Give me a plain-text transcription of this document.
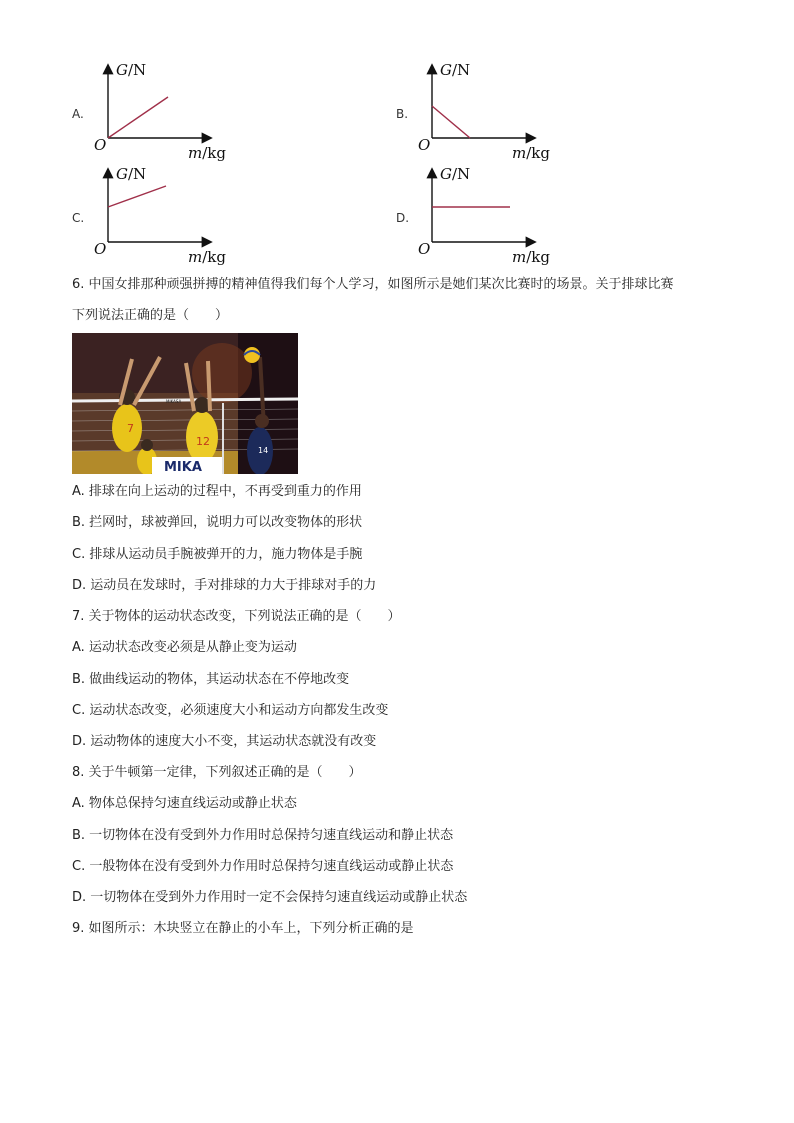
A.
G/N
O	m/kg
B.
G/N
O	m/kg
C.
G/N
O	m/kg
D.
G/N
O	m/kg
6. 中国女排那种顽强拼搏的精神值得我们每个人学习，如图所示是她们某次比赛时的场景。关于排球比赛
下列说法正确的是（　　）
MIKASA
7
12
14
MIKA
A. 排球在向上运动的过程中，不再受到重力的作用
B. 拦网时，球被弹回，说明力可以改变物体的形状
C. 排球从运动员手腕被弹开的力，施力物体是手腕
D. 运动员在发球时，手对排球的力大于排球对手的力
7. 关于物体的运动状态改变，下列说法正确的是（　　）
A. 运动状态改变必须是从静止变为运动
B. 做曲线运动的物体，其运动状态在不停地改变
C. 运动状态改变，必须速度大小和运动方向都发生改变
D. 运动物体的速度大小不变，其运动状态就没有改变
8. 关于牛顿第一定律，下列叙述正确的是（　　）
A. 物体总保持匀速直线运动或静止状态
B. 一切物体在没有受到外力作用时总保持匀速直线运动和静止状态
C. 一般物体在没有受到外力作用时总保持匀速直线运动或静止状态
D. 一切物体在受到外力作用时一定不会保持匀速直线运动或静止状态
9. 如图所示：木块竖立在静止的小车上，下列分析正确的是
